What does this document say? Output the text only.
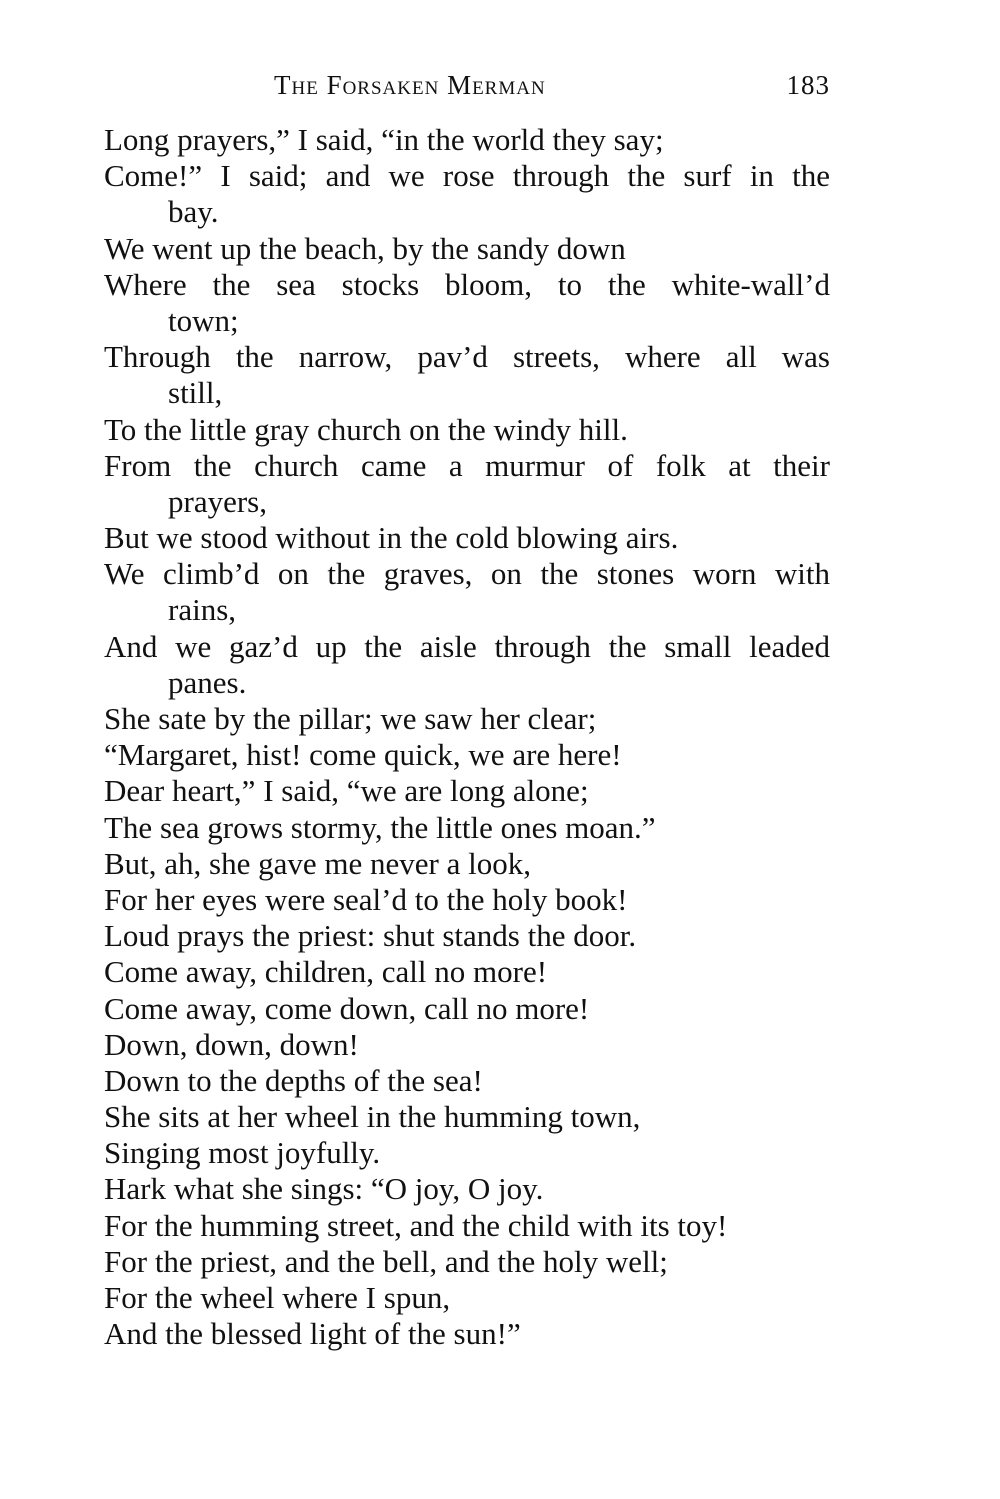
The Forsaken Merman	183
Long prayers,” I said, “in the world they say;
Come!” I said; and we rose through the surf in the
bay.
We went up the beach, by the sandy down
Where the sea stocks bloom, to the white-wall’d
town;
Through the narrow, pav’d streets, where all was
still,
To the little gray church on the windy hill.
From the church came a murmur of folk at their
prayers,
But we stood without in the cold blowing airs.
We climb’d on the graves, on the stones worn with
rains,
And we gaz’d up the aisle through the small leaded
panes.
She sate by the pillar; we saw her clear;
“Margaret, hist! come quick, we are here!
Dear heart,” I said, “we are long alone;
The sea grows stormy, the little ones moan.”
But, ah, she gave me never a look,
For her eyes were seal’d to the holy book!
Loud prays the priest: shut stands the door.
Come away, children, call no more!
Come away, come down, call no more!
Down, down, down!
Down to the depths of the sea!
She sits at her wheel in the humming town,
Singing most joyfully.
Hark what she sings: “O joy, O joy.
For the humming street, and the child with its toy!
For the priest, and the bell, and the holy well;
For the wheel where I spun,
And the blessed light of the sun!”
